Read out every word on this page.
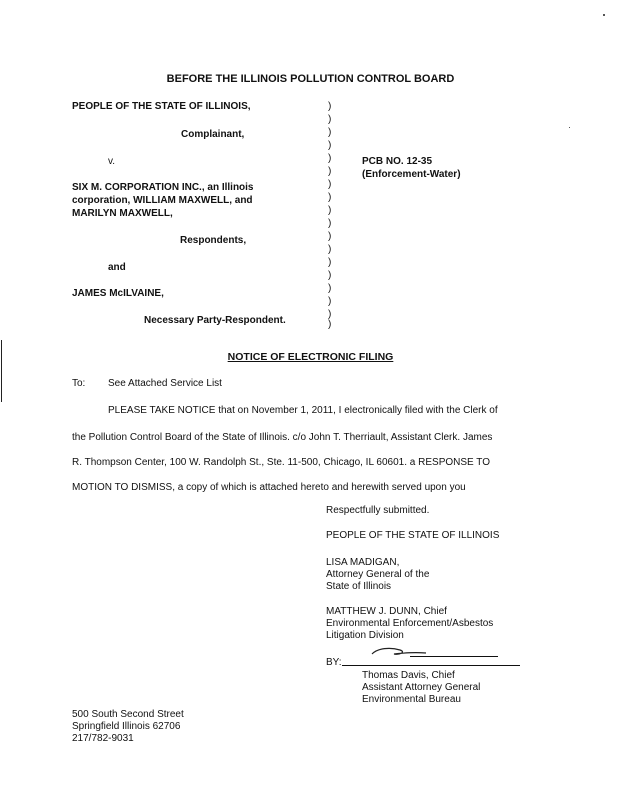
BEFORE THE ILLINOIS POLLUTION CONTROL BOARD
PEOPLE OF THE STATE OF ILLINOIS,
Complainant,
v.
SIX M. CORPORATION INC., an Illinois
corporation, WILLIAM MAXWELL, and
MARILYN MAXWELL,
Respondents,
and
JAMES McILVAINE,
Necessary Party-Respondent.
)
)
)
)
)
)
)
)
)
)
)
)
)
)
)
)
)
)
PCB NO. 12-35
(Enforcement-Water)
NOTICE OF ELECTRONIC FILING
To: See Attached Service List
PLEASE TAKE NOTICE that on November 1, 2011, I electronically filed with the Clerk of
the Pollution Control Board of the State of Illinois. c/o John T. Therriault, Assistant Clerk. James
R. Thompson Center, 100 W. Randolph St., Ste. 11-500, Chicago, IL 60601. a RESPONSE TO
MOTION TO DISMISS, a copy of which is attached hereto and herewith served upon you
Respectfully submitted.
PEOPLE OF THE STATE OF ILLINOIS
LISA MADIGAN,
Attorney General of the
State of Illinois
MATTHEW J. DUNN, Chief
Environmental Enforcement/Asbestos
Litigation Division
BY:
Thomas Davis, Chief
Assistant Attorney General
Environmental Bureau
500 South Second Street
Springfield Illinois 62706
217/782-9031
